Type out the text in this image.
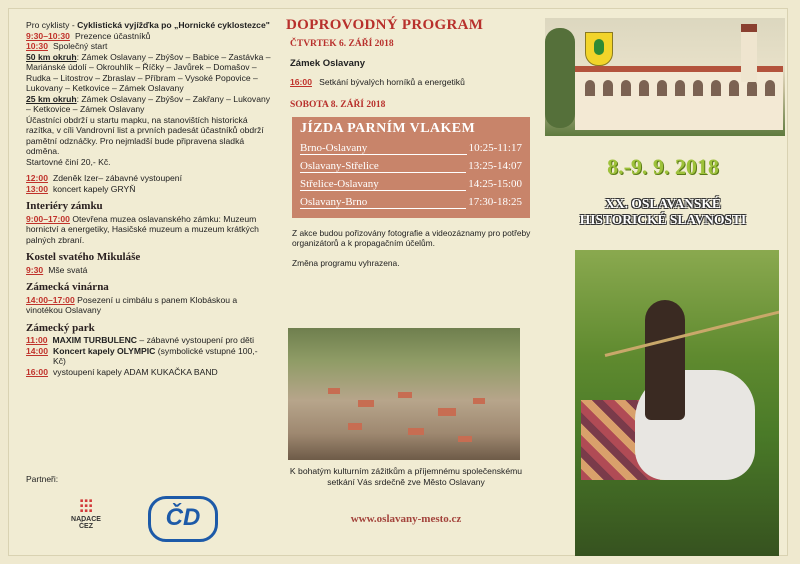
Pro cyklisty - Cyklistická vyjížďka po „Hornické cyklostezce"

9:30–10:30 Prezence účastníků
10:30 Společný start

50 km okruh: Zámek Oslavany – Zbýšov – Babice – Zastávka – Mariánské údolí – Okrouhlík – Říčky – Javůrek – Domašov – Rudka – Litostrov – Zbraslav – Příbram – Vysoké Popovice – Lukovany – Ketkovice – Zámek Oslavany

25 km okruh: Zámek Oslavany – Zbýšov – Zakřany – Lukovany – Ketkovice – Zámek Oslavany

Účastníci obdrží u startu mapku, na stanovištích historická razítka, v cíli Vandrovní list a prvních padesát účastníků obdrží pamětní odznáčky. Pro nejmladší bude připravena sladká odměna.

Startovné činí 20,- Kč.

12:00 Zdeněk Izer– zábavné vystoupení
13:00 koncert kapely GRYŇ
Interiéry zámku

9:00–17:00 Otevřena muzea oslavanského zámku: Muzeum hornictví a energetiky, Hasičské muzeum a muzeum krátkých palných zbraní.

Kostel svatého Mikuláše
9:30 Mše svatá
Zámecká vinárna

14:00–17:00 Posezení u cimbálu s panem Klobáskou a vinotékou Oslavany

Zámecký park
11:00 MAXIM TURBULENC – zábavné vystoupení pro děti
14:00 Koncert kapely OLYMPIC (symbolické vstupné 100,- Kč)
16:00 vystoupení kapely ADAM KUKAČKA BAND
Partneři:
⫶⫶⫶
NADACE ČEZ	ČD
DOPROVODNÝ PROGRAM
ČTVRTEK 6. ZÁŘÍ 2018
Zámek Oslavany
16:00 Setkání bývalých horníků a energetiků
SOBOTA 8. ZÁŘÍ 2018
JÍZDA PARNÍM VLAKEM
Brno-Oslavany	10:25-11:17
Oslavany-Střelice	13:25-14:07
Střelice-Oslavany	14:25-15:00
Oslavany-Brno	17:30-18:25

Z akce budou pořizovány fotografie a videozáznamy pro potřeby organizátorů a k propagačním účelům.

Změna programu vyhrazena.

K bohatým kulturním zážitkům a příjemnému společenskému setkání Vás srdečně zve Město Oslavany
www.oslavany-mesto.cz
8.-9. 9. 2018
XX. OSLAVANSKÉ
HISTORICKÉ SLAVNOSTI
